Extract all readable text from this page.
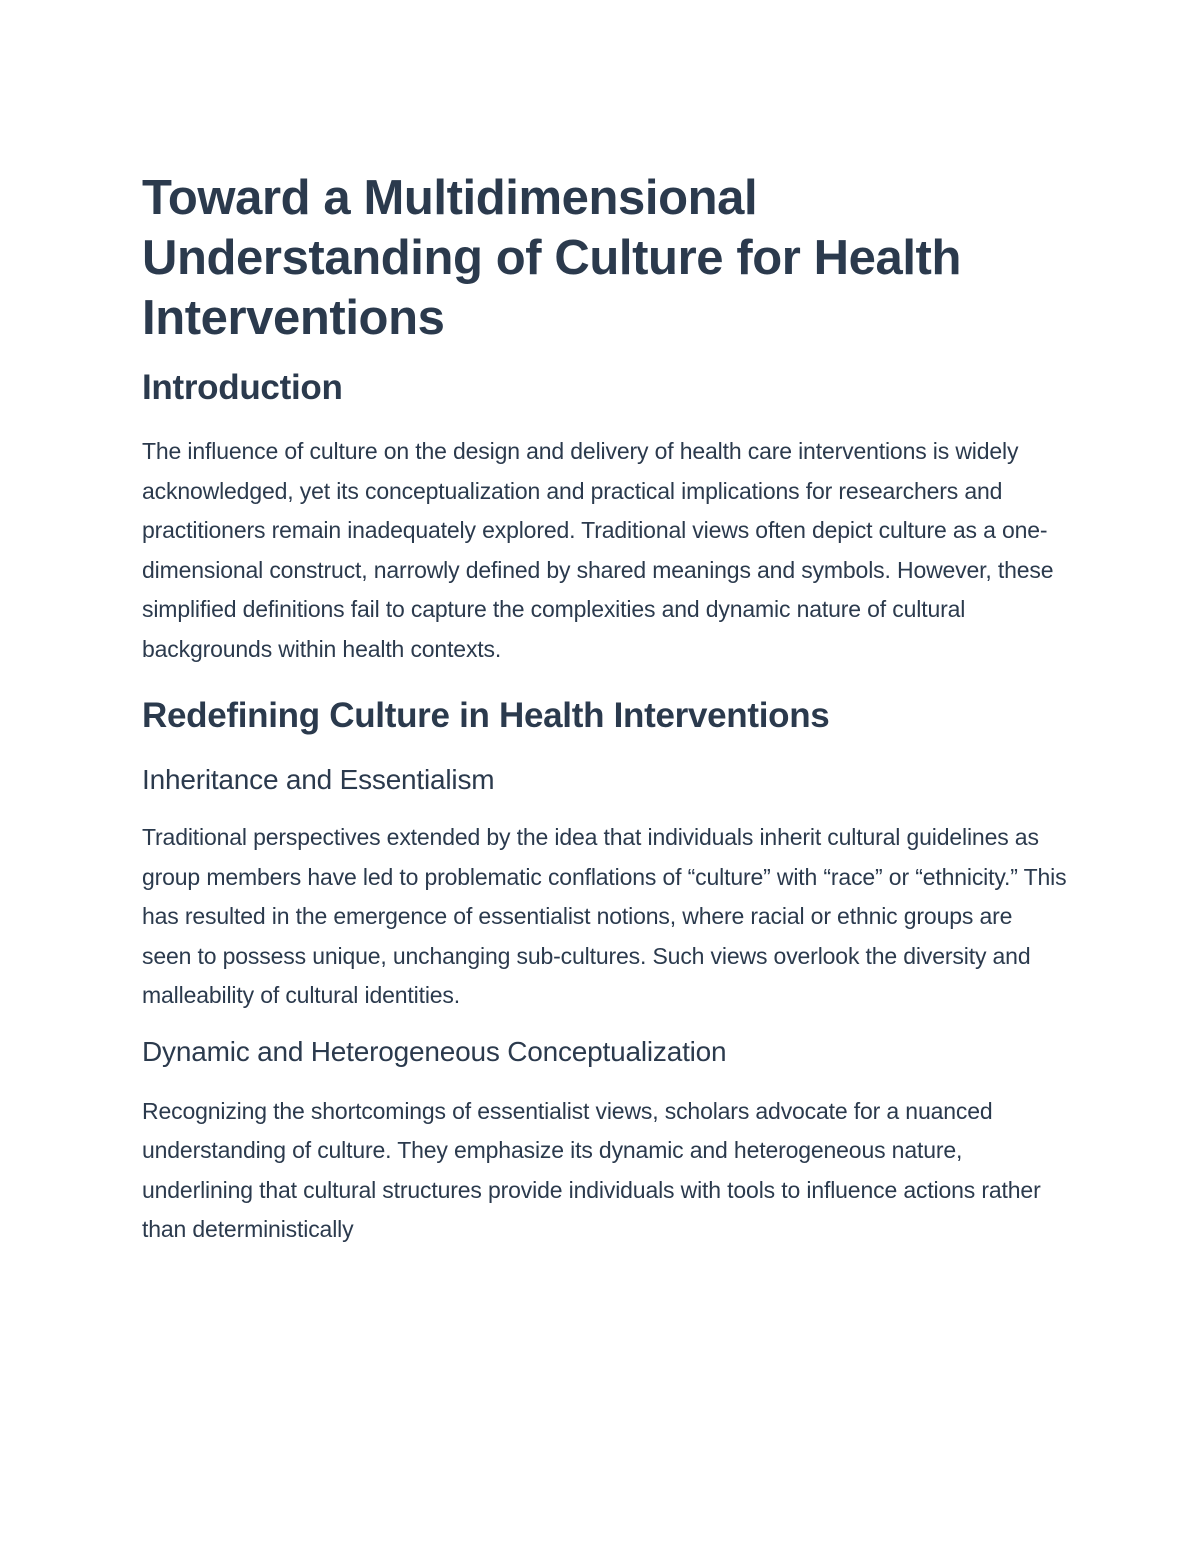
Toward a Multidimensional Understanding of Culture for Health Interventions
Introduction

The influence of culture on the design and delivery of health care interventions is widely acknowledged, yet its conceptualization and practical implications for researchers and practitioners remain inadequately explored. Traditional views often depict culture as a one-dimensional construct, narrowly defined by shared meanings and symbols. However, these simplified definitions fail to capture the complexities and dynamic nature of cultural backgrounds within health contexts.

Redefining Culture in Health Interventions
Inheritance and Essentialism

Traditional perspectives extended by the idea that individuals inherit cultural guidelines as group members have led to problematic conflations of “culture” with “race” or “ethnicity.” This has resulted in the emergence of essentialist notions, where racial or ethnic groups are seen to possess unique, unchanging sub-cultures. Such views overlook the diversity and malleability of cultural identities.

Dynamic and Heterogeneous Conceptualization

Recognizing the shortcomings of essentialist views, scholars advocate for a nuanced understanding of culture. They emphasize its dynamic and heterogeneous nature, underlining that cultural structures provide individuals with tools to influence actions rather than deterministically
